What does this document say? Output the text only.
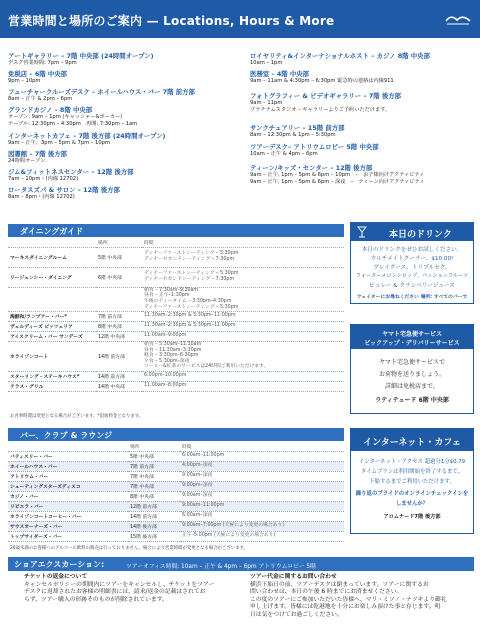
営業時間と場所のご案内 — Locations, Hours & More
アートギャラリー – 7階 中央部 (24時間オープン)
デスク営業時間: 7pm – 9pm
免税店 – 6階 中央部
9pm – 10pm
フューチャークルーズデスク – ホイールハウス・バー 7階 前方部
8am – 正午 & 2pm – 6pm
グランドカジノ – 8階 中央部
オープン: 9am – 1pm (キャッシャー&ポーカー)
テーブル: 12:30pm – 4:30pm　再開: 7:30pm – 1am
インターネットカフェ – 7階 後方部 (24時間オープン)
9am – 正午、3pm – 5pm & 7pm – 10pm
図書館 – 7階 後方部
24時間オープン
ジム&フィットネスセンター – 12階 後方部
7am – 10pm・(内線 12702)
ロータスズパ & サロン – 12階 後方部
8am – 8pm・(内線 12702)
ロイヤリティ&インターナショナルホスト – カジノ 8階 中央部
10am – 1pm
医務室 – 4階 中央部
9am – 11am & 4:30pm – 6:30pm 緊急時の連絡は内線911
フォトグラフィー & ビデオギャラリー – 7階 後方部
9am – 11pm
プラチナムスタジオ – ギャラリーよりご予約いただけます。
サンクチュアリー – 15階 前方部
8am – 12:30pm & 1pm – 5:30pm
ツアーデスク– アトリウムロビー 5階 中央部
10am – 正午 & 4pm – 6pm
ティーン/キッズ・センター – 12階 後方部
9am – 正午, 1pm – 5pm & 6pm – 10pm　–　お子様向けアクティビティ
9am – 正午, 1pm – 5pm & 6pm – 深夜　–　ティーン向けアクティビティ
ダイニングガイド
	場所	時間
マーキスダイニングルーム	5階 中央部	ディナーファーストシーティング – 5:30pm
ディナーセカンドシーティング – 7:30pm

リージェンシー・ダイニング	6階 中央部	ディナーファーストシーティング – 5:30pm
ディナーセカンドシーティング – 7:30pm

		朝食 – 7:30am–9:30am
昼食 – 正午–1:30pm
午後のティータイム – 3:30pm–4:30pm
ディナーファーストシーティング – 5:30pm

海鮮和/ランプアー・バー*	7階 前方部	11:30am–2:30pm & 5:30pm–11:00pm
ヴェルディーズ ピッツェリア	8階 中央部	11:30am–2:30pm & 5:30pm–11:00pm
アイスクリーム・バー サンデーズ	12階 中央部	11:00am–9:00pm
ホライゾンコート	14階 前方部	朝食 – 5:30am–11:30am
昼食 – 11:30am–3:30pm
軽食 – 3:30pm–6:30pm
夕食 – 5:30pm–深夜
コーヒー&紅茶のサービスは24時間ご利用いただけます。

スターリング・ステーキハウス*	14階 前方部	6:00pm–10:00pm
テラス・グリル	14階 中央部	11:00am–8:00pm
お食事時間は変更となる場合がございます。*追加料金となります。
バー、クラブ & ラウンジ
	場所	時間
バティスリー・バー	5階 中央部	6:00am–11:00pm
ホイールハウス・バー	7階 前方部	4:00pm–深夜
アトリウム・バー	7階 中央部	9:00am–深夜
シューティングスターズディスコ	7階 中央部	9:00pm–深夜
カジノ・バー	8階 中央部	9:00am–深夜
リビエラ・バー	12階 前方部	9:00am–11:00pm
ホライゾンコートコーヒー・バー	14階 前方部	6:00am–深夜
サウスオーナーズ・バー	14階 後方部	9:00am–7:00pm (天候により変更の場合あり)
トップサイダーズ・バー	15階 後方部	正午–5:00pm (天候により変更の場合あり)
20歳未満のお客様へのアルコール飲料の販売は行っておりません。場合により営業時間が変更となる場合がございます。
本日のドリンク
本日のドリンクをぜひお試しください。
ウルチメイトクーラー、$10.00!
グレイグース、トリプルセク、
フォーターメロンシロップ、パッションフルーツ
ピュレー & クランベリージュース
ウェイターにお尋ねください 場所: すべてのバーで
ヤマト宅急便サービス
ピックアップ・デリバリーサービス
ヤマト宅急便サービスで
お荷物を送りましょう。
詳細は免税店まで。
ラティテュード 6階 中央部
インターネット・カフェ
インターネット・アクセス 超過分1分$0.79
タイムプランは利用開始を終了するまで、
下船するまでご利用いただけます。
繰り返のプライドのオンラインチェックインを
しませんか？
アロムナード7階 後方部
ショアエクスカーション:	ツアーオフィス時間: 10am – 正午 & 4pm – 6pm アトリウムロビー 5階
チケットの返金について
キャンセルポリシーの期間内にツアーをキャンセルし、チケットをツアー
デスクに返却されたお客様の明細書には、請求/返金の記載はされてお
らず、ツアー購入の形跡そのものが削除されています。
ツアー代金に関するお問い合わせ
横浜下船日の前、ツアーデスクは閉まっています。ツアーに関するお
問い合わせは、本日の午後 6 時までにお済ませください。
この度のツアーにご参加いただいた皆様へ、マリ・ミソノ・ナツキより御礼
申し上げます。皆様には乾港地を十分にお楽しみ頂けた事と存じます。明
日は気をつけてお過ごしください。
